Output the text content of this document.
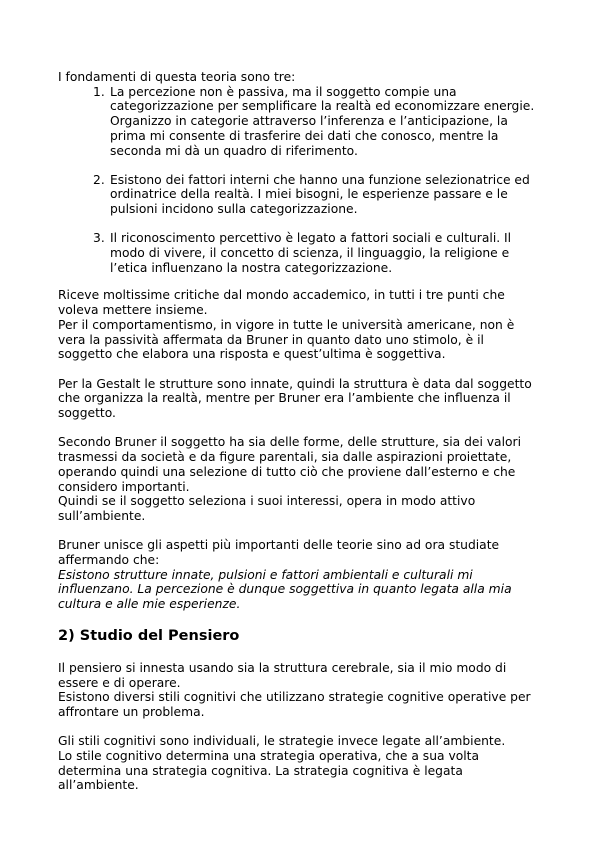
I fondamenti di questa teoria sono tre:

1. La percezione non è passiva, ma il soggetto compie una categorizzazione per semplificare la realtà ed economizzare energie. Organizzo in categorie attraverso l’inferenza e l’anticipazione, la prima mi consente di trasferire dei dati che conosco, mentre la seconda mi dà un quadro di riferimento.
2. Esistono dei fattori interni che hanno una funzione selezionatrice ed ordinatrice della realtà. I miei bisogni, le esperienze passare e le pulsioni incidono sulla categorizzazione.
3. Il riconoscimento percettivo è legato a fattori sociali e culturali. Il modo di vivere, il concetto di scienza, il linguaggio, la religione e l’etica influenzano la nostra categorizzazione.

Riceve moltissime critiche dal mondo accademico, in tutti i tre punti che voleva mettere insieme.

Per il comportamentismo, in vigore in tutte le università americane, non è vera la passività affermata da Bruner in quanto dato uno stimolo, è il soggetto che elabora una risposta e quest’ultima è soggettiva.

Per la Gestalt le strutture sono innate, quindi la struttura è data dal soggetto che organizza la realtà, mentre per Bruner era l’ambiente che influenza il soggetto.

Secondo Bruner il soggetto ha sia delle forme, delle strutture, sia dei valori trasmessi da società e da figure parentali, sia dalle aspirazioni proiettate, operando quindi una selezione di tutto ciò che proviene dall’esterno e che considero importanti.

Quindi se il soggetto seleziona i suoi interessi, opera in modo attivo sull’ambiente.

Bruner unisce gli aspetti più importanti delle teorie sino ad ora studiate affermando che:

Esistono strutture innate, pulsioni e fattori ambientali e culturali mi influenzano. La percezione è dunque soggettiva in quanto legata alla mia cultura e alle mie esperienze.

2) Studio del Pensiero

Il pensiero si innesta usando sia la struttura cerebrale, sia il mio modo di essere e di operare.

Esistono diversi stili cognitivi che utilizzano strategie cognitive operative per affrontare un problema.

Gli stili cognitivi sono individuali, le strategie invece legate all’ambiente.

Lo stile cognitivo determina una strategia operativa, che a sua volta determina una strategia cognitiva. La strategia cognitiva è legata all’ambiente.
